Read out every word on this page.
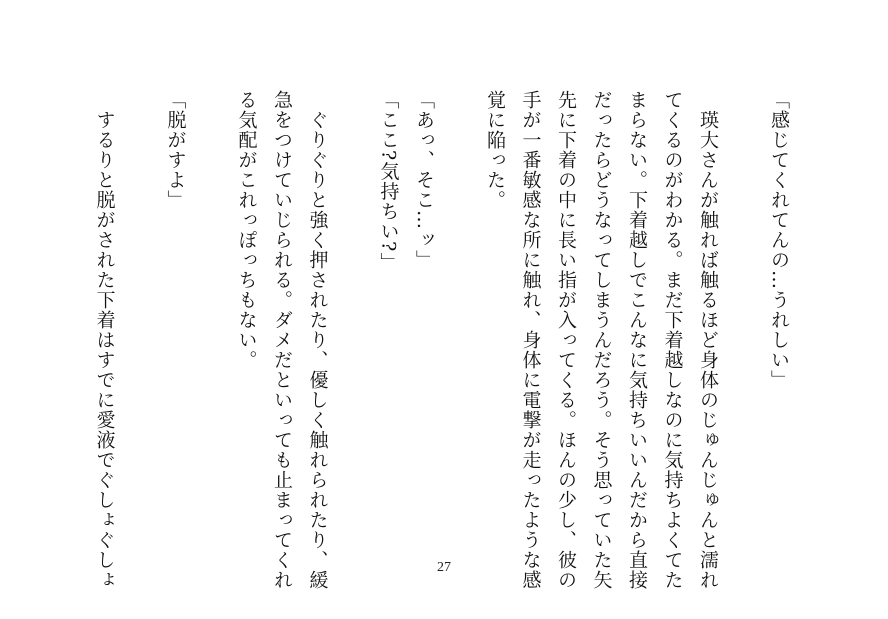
「感じてくれてんの…うれしい」
　瑛大さんが触れば触るほど身体のじゅんじゅんと濡れ
てくるのがわかる。まだ下着越しなのに気持ちよくてた
まらない。下着越しでこんなに気持ちいいんだから直接
だったらどうなってしまうんだろう。そう思っていた矢
先に下着の中に長い指が入ってくる。ほんの少し、彼の
手が一番敏感な所に触れ、身体に電撃が走ったような感
覚に陥った。
「あっ、そこ…ッ」
「ここ?気持ちい?」
　ぐりぐりと強く押されたり、優しく触れられたり、緩
急をつけていじられる。ダメだといっても止まってくれ
る気配がこれっぽっちもない。
「脱がすよ」
　するりと脱がされた下着はすでに愛液でぐしょぐしょ	27
